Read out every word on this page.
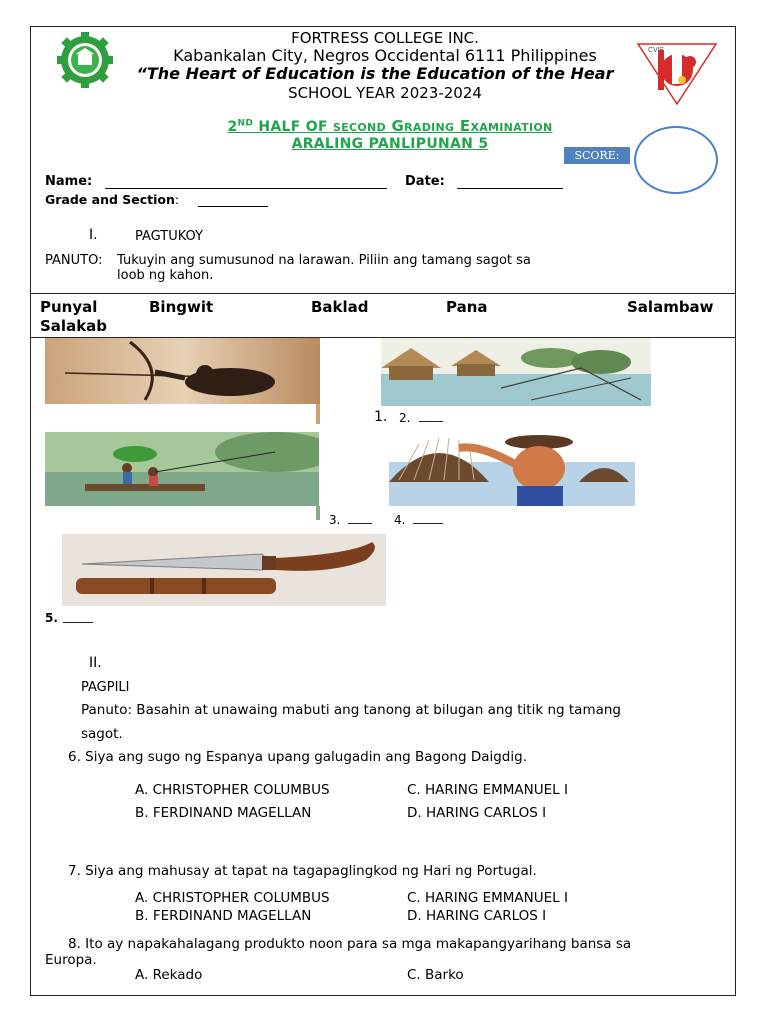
CVIF
FORTRESS COLLEGE INC.
Kabankalan City, Negros Occidental 6111 Philippines
“The Heart of Education is the Education of the Hear
SCHOOL YEAR 2023-2024
2ND HALF OF second Grading Examination
ARALING PANLIPUNAN 5
SCORE:
Name:	Date:
Grade and Section:
I.	PAGTUKOY
PANUTO: Tukuyin ang sumusunod na larawan. Piliin ang tamang sagot sa
loob ng kahon.
Punyal	Bingwit	Baklad	Pana	Salambaw
Salakab
1. 2. ____
3. ____ 4. _____
5. _____
II.
PAGPILI
Panuto: Basahin at unawaing mabuti ang tanong at bilugan ang titik ng tamang
sagot.
6. Siya ang sugo ng Espanya upang galugadin ang Bagong Daigdig.
A. CHRISTOPHER COLUMBUS	C. HARING EMMANUEL I
B. FERDINAND MAGELLAN	D. HARING CARLOS I
7. Siya ang mahusay at tapat na tagapaglingkod ng Hari ng Portugal.
A. CHRISTOPHER COLUMBUS	C. HARING EMMANUEL I
B. FERDINAND MAGELLAN	D. HARING CARLOS I
8. Ito ay napakahalagang produkto noon para sa mga makapangyarihang bansa sa
Europa.
A. Rekado	C. Barko
